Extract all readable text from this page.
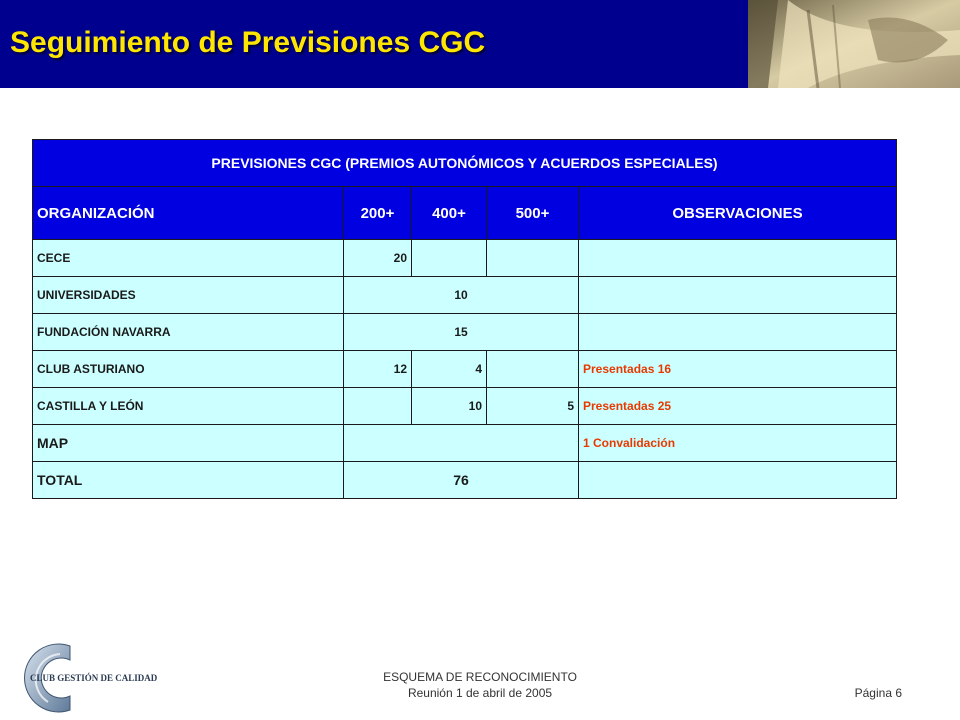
Seguimiento de Previsiones CGC
PREVISIONES CGC (PREMIOS AUTONÓMICOS Y ACUERDOS ESPECIALES)				
ORGANIZACIÓN	200+	400+	500+	OBSERVACIONES
CECE	20			
UNIVERSIDADES	10			
FUNDACIÓN NAVARRA	15			
CLUB ASTURIANO	12	4		Presentadas 16
CASTILLA Y LEÓN		10	5	Presentadas 25
MAP				1 Convalidación
TOTAL	76			
CLUB GESTIÓN DE CALIDAD	ESQUEMA DE RECONOCIMIENTO
Reunión 1 de abril de 2005	Página 6
